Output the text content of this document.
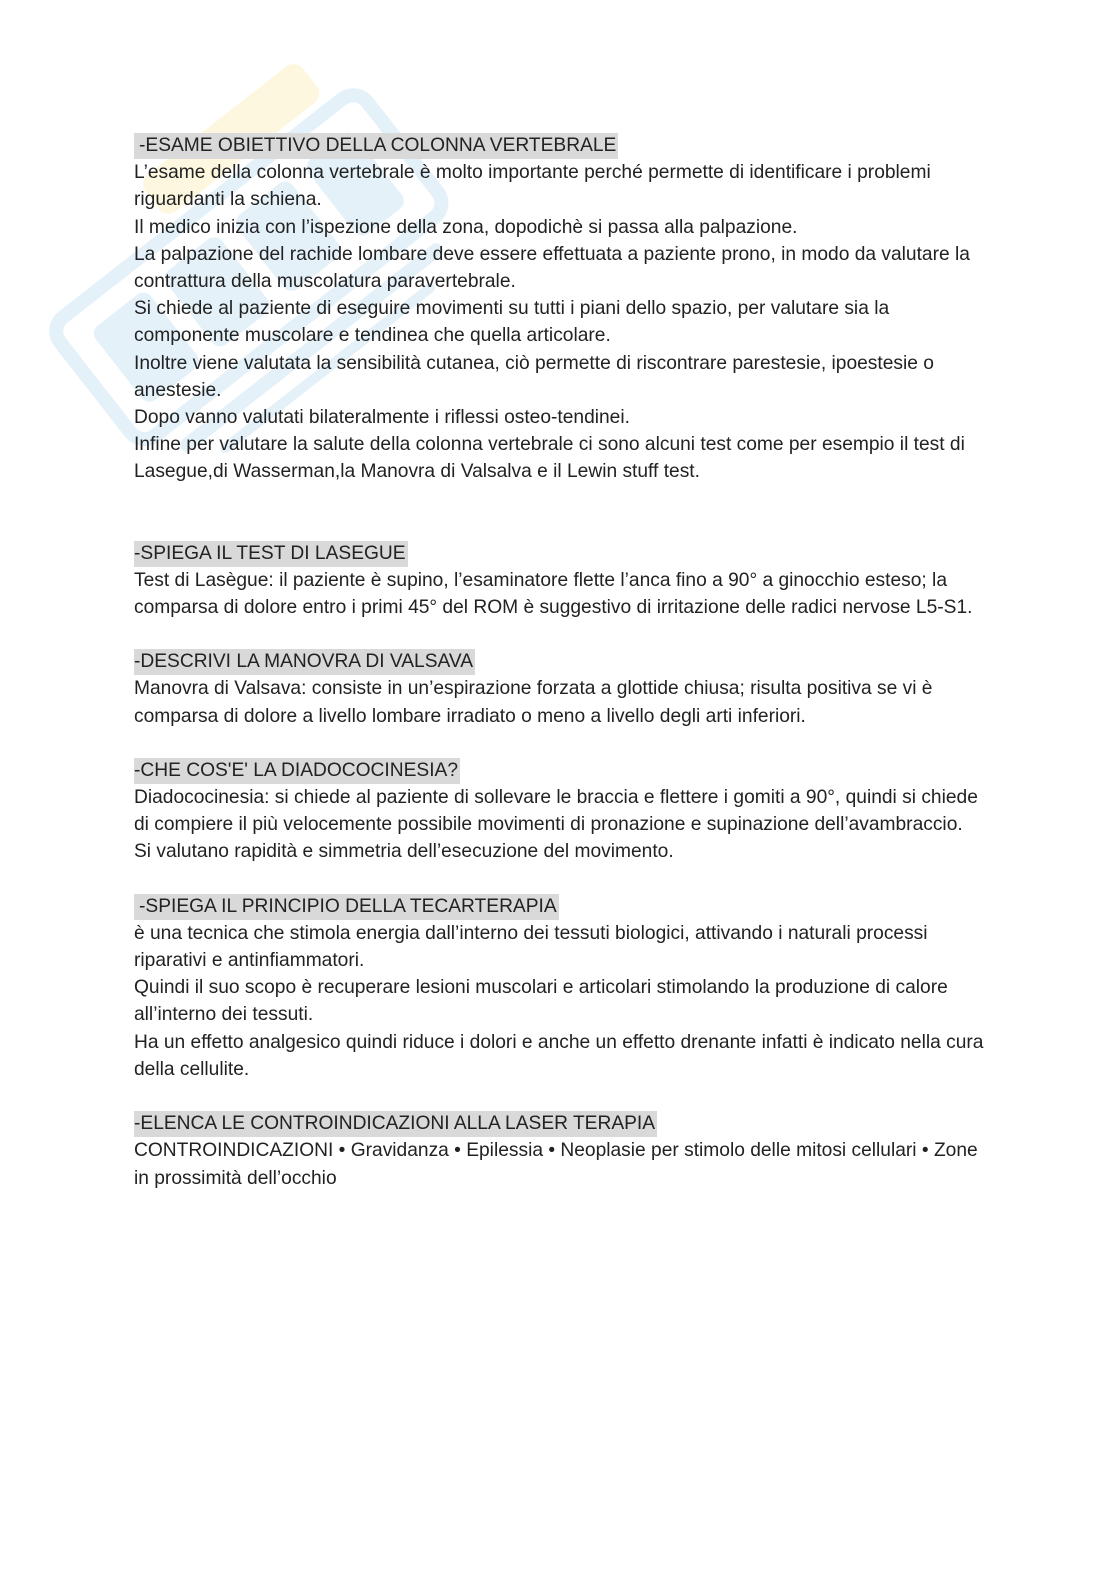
-ESAME OBIETTIVO DELLA COLONNA VERTEBRALE

L’esame della colonna vertebrale è molto importante perché permette di identificare i problemi riguardanti la schiena.

Il medico inizia con l’ispezione della zona, dopodichè si passa alla palpazione.

La palpazione del rachide lombare deve essere effettuata a paziente prono, in modo da valutare la contrattura della muscolatura paravertebrale.

Si chiede al paziente di eseguire movimenti su tutti i piani dello spazio, per valutare sia la componente muscolare e tendinea che quella articolare.

Inoltre viene valutata la sensibilità cutanea, ciò permette di riscontrare parestesie, ipoestesie o anestesie.

Dopo vanno valutati bilateralmente i riflessi osteo-tendinei.

Infine per valutare la salute della colonna vertebrale ci sono alcuni test come per esempio il test di Lasegue,di Wasserman,la Manovra di Valsalva e il Lewin stuff test.

-SPIEGA IL TEST DI LASEGUE

Test di Lasègue: il paziente è supino, l’esaminatore flette l’anca fino a 90° a ginocchio esteso; la comparsa di dolore entro i primi 45° del ROM è suggestivo di irritazione delle radici nervose L5-S1.

-DESCRIVI LA MANOVRA DI VALSAVA

Manovra di Valsava: consiste in un’espirazione forzata a glottide chiusa; risulta positiva se vi è comparsa di dolore a livello lombare irradiato o meno a livello degli arti inferiori.

-CHE COS'E' LA DIADOCOCINESIA?

Diadococinesia: si chiede al paziente di sollevare le braccia e flettere i gomiti a 90°, quindi si chiede di compiere il più velocemente possibile movimenti di pronazione e supinazione dell’avambraccio. Si valutano rapidità e simmetria dell’esecuzione del movimento.

-SPIEGA IL PRINCIPIO DELLA TECARTERAPIA

è una tecnica che stimola energia dall’interno dei tessuti biologici, attivando i naturali processi riparativi e antinfiammatori.

Quindi il suo scopo è recuperare lesioni muscolari e articolari stimolando la produzione di calore all’interno dei tessuti.

Ha un effetto analgesico quindi riduce i dolori e anche un effetto drenante infatti è indicato nella cura della cellulite.

-ELENCA LE CONTROINDICAZIONI ALLA LASER TERAPIA

CONTROINDICAZIONI • Gravidanza • Epilessia • Neoplasie per stimolo delle mitosi cellulari • Zone in prossimità dell’occhio
